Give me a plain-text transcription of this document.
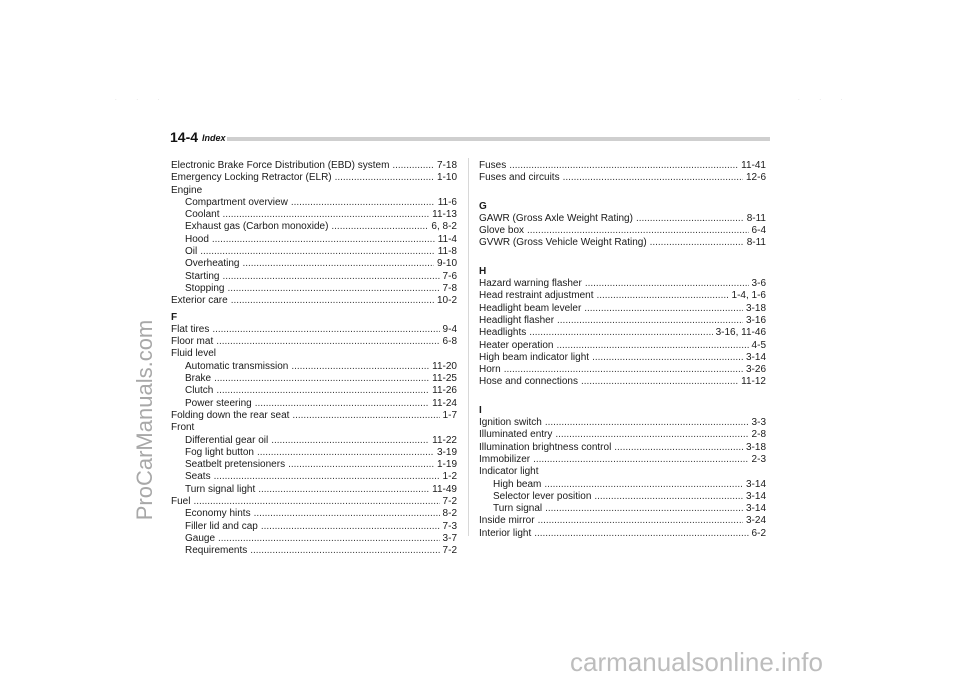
. . .	. . .
ProCarManuals.com
carmanualsonline.info
14-4 Index
Electronic Brake Force Distribution (EBD) system . . .	7-18
Emergency Locking Retractor (ELR) . . .	1-10
Engine
Compartment overview . . .	11-6
Coolant . . .	11-13
Exhaust gas (Carbon monoxide) . . .	6, 8-2
Hood . . .	11-4
Oil . . .	11-8
Overheating . . .	9-10
Starting . . .	7-6
Stopping . . .	7-8
Exterior care . . .	10-2
F
Flat tires . . .	9-4
Floor mat . . .	6-8
Fluid level
Automatic transmission . . .	11-20
Brake . . .	11-25
Clutch . . .	11-26
Power steering . . .	11-24
Folding down the rear seat . . .	1-7
Front
Differential gear oil . . .	11-22
Fog light button . . .	3-19
Seatbelt pretensioners . . .	1-19
Seats . . .	1-2
Turn signal light . . .	11-49
Fuel . . .	7-2
Economy hints . . .	8-2
Filler lid and cap . . .	7-3
Gauge . . .	3-7
Requirements . . .	7-2
Fuses . . .	11-41
Fuses and circuits . . .	12-6
G
GAWR (Gross Axle Weight Rating) . . .	8-11
Glove box . . .	6-4
GVWR (Gross Vehicle Weight Rating) . . .	8-11
H
Hazard warning flasher . . .	3-6
Head restraint adjustment . . .	1-4, 1-6
Headlight beam leveler . . .	3-18
Headlight flasher . . .	3-16
Headlights . . .	3-16, 11-46
Heater operation . . .	4-5
High beam indicator light . . .	3-14
Horn . . .	3-26
Hose and connections . . .	11-12
I
Ignition switch . . .	3-3
Illuminated entry . . .	2-8
Illumination brightness control . . .	3-18
Immobilizer . . .	2-3
Indicator light
High beam . . .	3-14
Selector lever position . . .	3-14
Turn signal . . .	3-14
Inside mirror . . .	3-24
Interior light . . .	6-2
